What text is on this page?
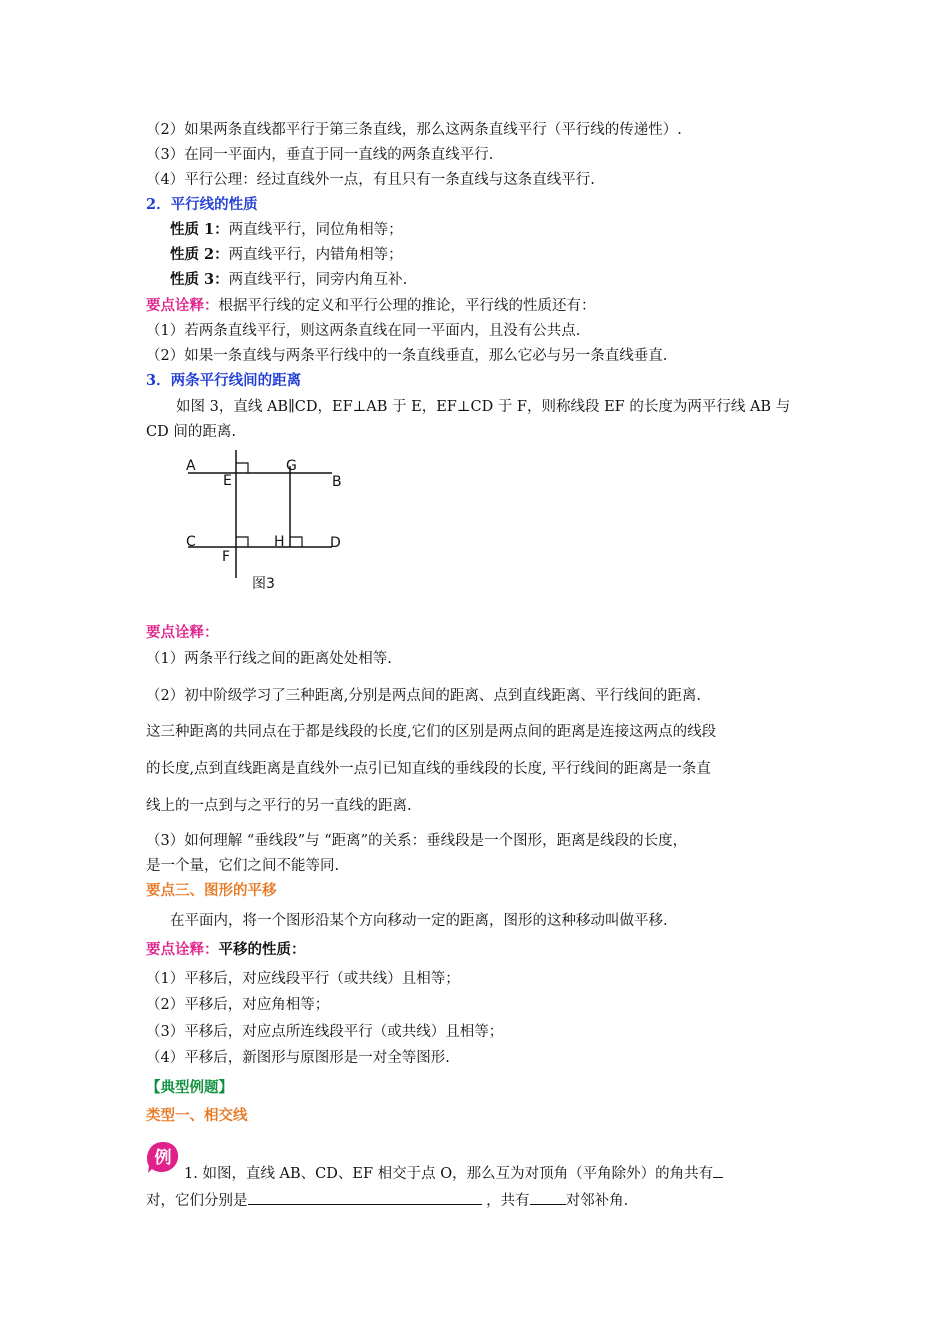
（2）如果两条直线都平行于第三条直线，那么这两条直线平行（平行线的传递性）.
（3）在同一平面内，垂直于同一直线的两条直线平行.
（4）平行公理：经过直线外一点，有且只有一条直线与这条直线平行.
2．平行线的性质
性质 1：两直线平行，同位角相等；
性质 2：两直线平行，内错角相等；
性质 3：两直线平行，同旁内角互补.
要点诠释：根据平行线的定义和平行公理的推论，平行线的性质还有：
（1）若两条直线平行，则这两条直线在同一平面内，且没有公共点.
（2）如果一条直线与两条平行线中的一条直线垂直，那么它必与另一条直线垂直.
3．两条平行线间的距离
如图 3，直线 AB∥CD，EF⊥AB 于 E，EF⊥CD 于 F，则称线段 EF 的长度为两平行线 AB 与
CD 间的距离.
A
E
G
B
C
F
H	D
图3
要点诠释：
（1）两条平行线之间的距离处处相等.
（2）初中阶级学习了三种距离,分别是两点间的距离、点到直线距离、平行线间的距离.
这三种距离的共同点在于都是线段的长度,它们的区别是两点间的距离是连接这两点的线段
的长度,点到直线距离是直线外一点引已知直线的垂线段的长度, 平行线间的距离是一条直
线上的一点到与之平行的另一直线的距离.
（3）如何理解 “垂线段”与 “距离”的关系：垂线段是一个图形，距离是线段的长度，
是一个量，它们之间不能等同.
要点三、图形的平移
在平面内，将一个图形沿某个方向移动一定的距离，图形的这种移动叫做平移.
要点诠释：平移的性质：
（1）平移后，对应线段平行（或共线）且相等；
（2）平移后，对应角相等；
（3）平移后，对应点所连线段平行（或共线）且相等；
（4）平移后，新图形与原图形是一对全等图形.
【典型例题】
类型一、相交线
例
1. 如图，直线 AB、CD、EF 相交于点 O，那么互为对顶角（平角除外）的角共有
对，它们分别是	，共有 对邻补角.
